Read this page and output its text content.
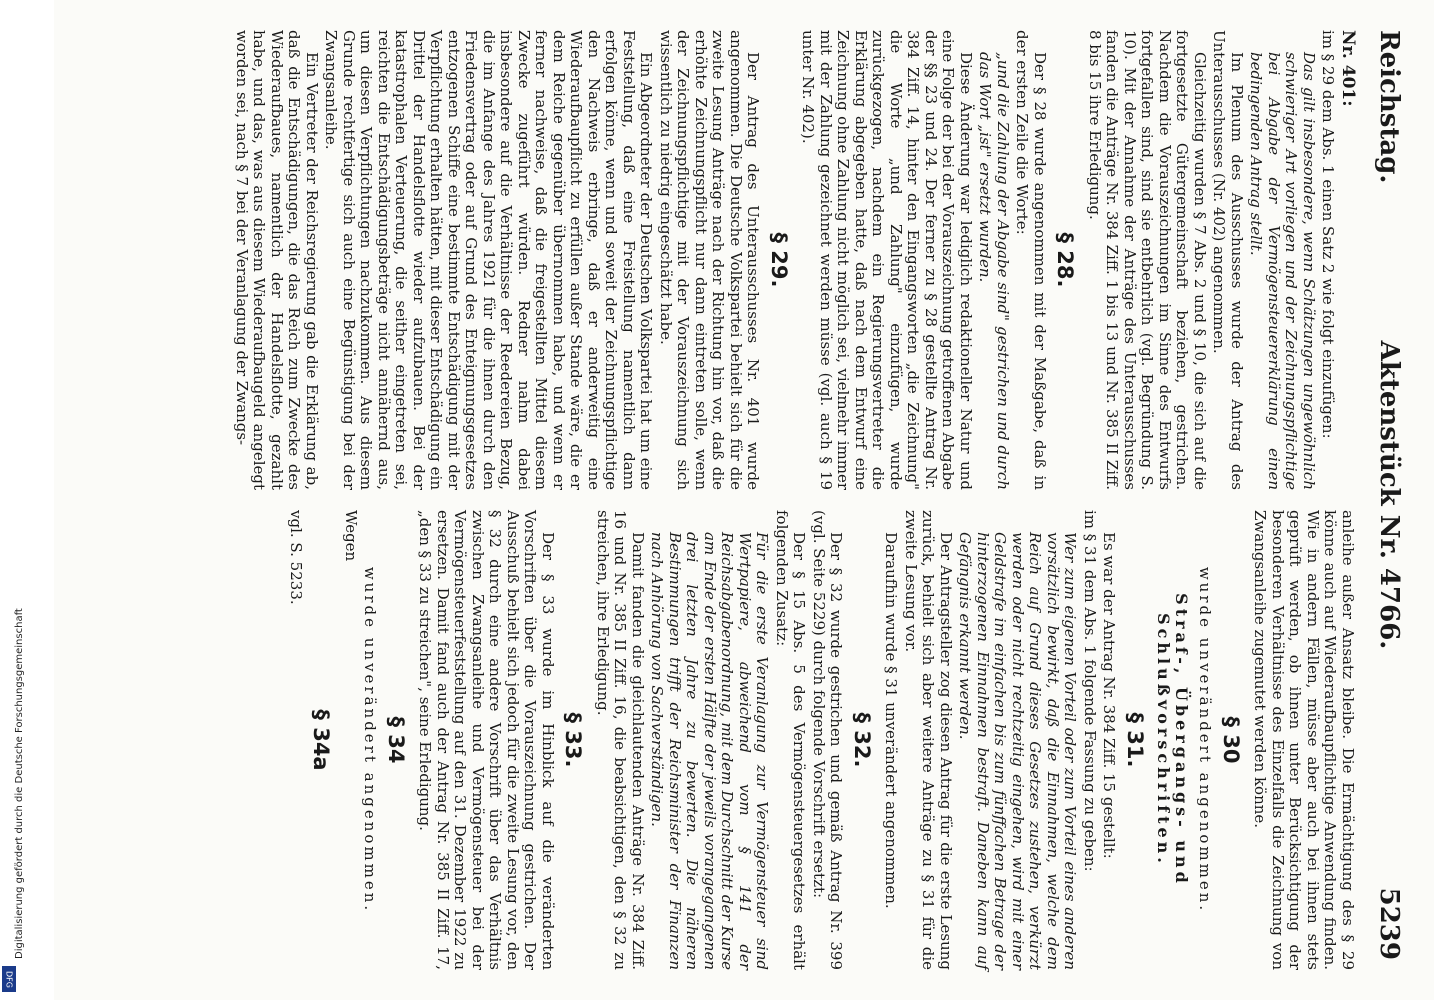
Reichstag.
Aktenstück Nr. 4766.
5239
Nr. 401:

im § 29 dem Abs. 1 einen Satz 2 wie folgt einzufügen:

Das gilt insbesondere, wenn Schätzungen ungewöhnlich schwieriger Art vorliegen und der Zeichnungspflichtige bei Abgabe der Vermögensteuererklärung einen bedingenden Antrag stellt.

Im Plenum des Ausschusses wurde der Antrag des Unterausschusses (Nr. 402) angenommen.

Gleichzeitig wurden § 7 Abs. 2 und § 10, die sich auf die fortgesetzte Gütergemeinschaft beziehen, gestrichen. Nachdem die Vorauszeichnungen im Sinne des Entwurfs fortgefallen sind, sind sie entbehrlich (vgl. Begründung S. 10). Mit der Annahme der Anträge des Unterausschusses fanden die Anträge Nr. 384 Ziff. 1 bis 13 und Nr. 385 II Ziff. 8 bis 15 ihre Erledigung.

§ 28.

Der § 28 wurde angenommen mit der Maßgabe, daß in der ersten Zeile die Worte:

„und die Zahlung der Abgabe sind" gestrichen und durch das Wort „ist" ersetzt wurden.

Diese Änderung war lediglich redaktioneller Natur und eine Folge der bei der Vorauszeichnung getroffenen Abgabe der §§ 23 und 24. Der ferner zu § 28 gestellte Antrag Nr. 384 Ziff. 14, hinter den Eingangsworten „die Zeichnung" die Worte „und Zahlung" einzufügen, wurde zurückgezogen, nachdem ein Regierungsvertreter die Erklärung abgegeben hatte, daß nach dem Entwurf eine Zeichnung ohne Zahlung nicht möglich sei, vielmehr immer mit der Zahlung gezeichnet werden müsse (vgl. auch § 19 unter Nr. 402).

§ 29.

Der Antrag des Unterausschusses Nr. 401 wurde angenommen. Die Deutsche Volkspartei behielt sich für die zweite Lesung Anträge nach der Richtung hin vor, daß die erhöhte Zeichnungspflicht nur dann eintreten solle, wenn der Zeichnungspflichtige mit der Vorauszeichnung sich wissentlich zu niedrig eingeschätzt habe.

Ein Abgeordneter der Deutschen Volkspartei hat um eine Feststellung, daß eine Freistellung namentlich dann erfolgen könne, wenn und soweit der Zeichnungspflichtige den Nachweis erbringe, daß er anderweitig eine Wiederaufbaupflicht zu erfüllen außer Stande wäre, die er dem Reiche gegenüber übernommen habe, und wenn er ferner nachweise, daß die freigestellten Mittel diesem Zwecke zugeführt würden. Redner nahm dabei insbesondere auf die Verhältnisse der Reedereien Bezug, die im Anfange des Jahres 1921 für die ihnen durch den Friedensvertrag oder auf Grund des Enteignungsgesetzes entzogenen Schiffe eine bestimmte Entschädigung mit der Verpflichtung erhalten hätten, mit dieser Entschädigung ein Drittel der Handelsflotte wieder aufzubauen. Bei der katastrophalen Verteuerung, die seither eingetreten sei, reichten die Entschädigungsbeträge nicht annähernd aus, um diesen Verpflichtungen nachzukommen. Aus diesem Grunde rechtfertige sich auch eine Begünstigung bei der Zwangsanleihe.

Ein Vertreter der Reichsregierung gab die Erklärung ab, daß die Entschädigungen, die das Reich zum Zwecke des Wiederaufbaues, namentlich der Handelsflotte, gezahlt habe, und das, was aus diesem Wiederaufbaugeld angelegt worden sei, nach § 7 bei der Veranlagung der Zwangs-

anleihe außer Ansatz bleibe. Die Ermächtigung des § 29 könne auch auf Wiederaufbaupflichtige Anwendung finden. Wie in andern Fällen, müsse aber auch bei ihnen stets geprüft werden, ob ihnen unter Berücksichtigung der besonderen Verhältnisse des Einzelfalls die Zeichnung von Zwangsanleihe zugemutet werden könne.

§ 30

wurde unverändert angenommen.

Straf-, Übergangs- und Schlußvorschriften.
§ 31.

Es war der Antrag Nr. 384 Ziff. 15 gestellt:

im § 31 dem Abs. 1 folgende Fassung zu geben:

Wer zum eigenen Vorteil oder zum Vorteil eines anderen vorsätzlich bewirkt, daß die Einnahmen, welche dem Reich auf Grund dieses Gesetzes zustehen, verkürzt werden oder nicht rechtzeitig eingehen, wird mit einer Geldstrafe im einfachen bis zum fünffachen Betrage der hinterzogenen Einnahmen bestraft. Daneben kann auf Gefängnis erkannt werden.

Der Antragsteller zog diesen Antrag für die erste Lesung zurück, behielt sich aber weitere Anträge zu § 31 für die zweite Lesung vor.

Daraufhin wurde § 31 unverändert angenommen.

§ 32.

Der § 32 wurde gestrichen und gemäß Antrag Nr. 399 (vgl. Seite 5229) durch folgende Vorschrift ersetzt:

Der § 15 Abs. 5 des Vermögensteuergesetzes erhält folgenden Zusatz:

Für die erste Veranlagung zur Vermögensteuer sind Wertpapiere, abweichend vom § 141 der Reichsabgabenordnung, mit dem Durchschnitt der Kurse am Ende der ersten Hälfte der jeweils vorangegangenen drei letzten Jahre zu bewerten. Die näheren Bestimmungen trifft der Reichsminister der Finanzen nach Anhörung von Sachverständigen.

Damit fanden die gleichlautenden Anträge Nr. 384 Ziff. 16 und Nr. 385 II Ziff. 16, die beabsichtigen, den § 32 zu streichen, ihre Erledigung.

§ 33.

Der § 33 wurde im Hinblick auf die veränderten Vorschriften über die Vorauszeichnung gestrichen. Der Ausschuß behielt sich jedoch für die zweite Lesung vor, den § 32 durch eine andere Vorschrift über das Verhältnis zwischen Zwangsanleihe und Vermögensteuer bei der Vermögensteuerfeststellung auf den 31. Dezember 1922 zu ersetzen. Damit fand auch der Antrag Nr. 385 II Ziff. 17, „den § 33 zu streichen", seine Erledigung.

§ 34

wurde unverändert angenommen.

Wegen

§ 34a

vgl. S. 5233.

Digitalisierung gefördert durch die Deutsche Forschungsgemeinschaft
DFG
